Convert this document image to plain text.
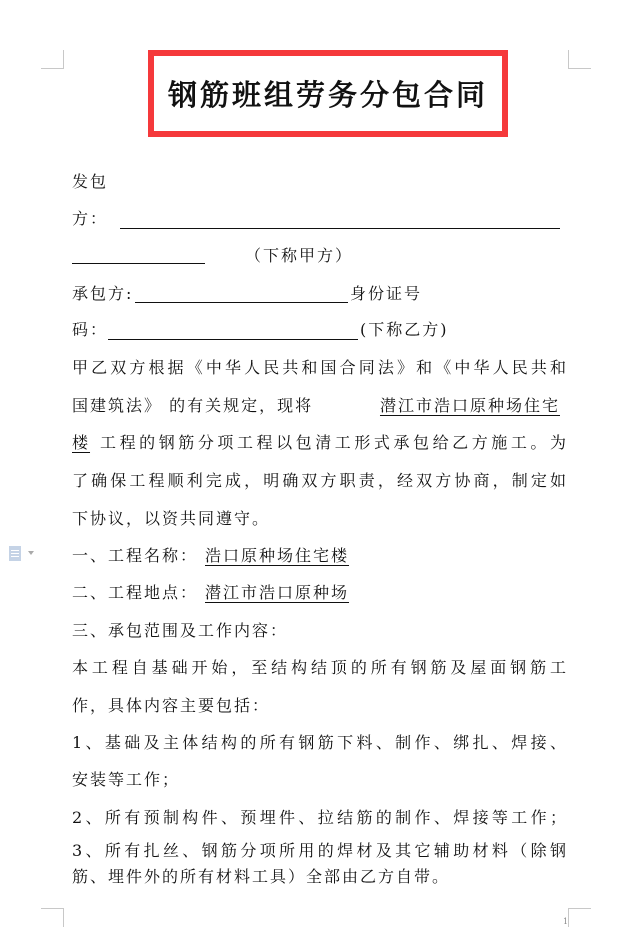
1
钢筋班组劳务分包合同
发包
方：
（下称甲方）
承包方:	身份证号
码：	(下称乙方)
甲乙双方根据《中华人民共和国合同法》和《中华人民共和
国建筑法》 的有关规定，现将	潜江市浩口原种场住宅
楼 工程的钢筋分项工程以包清工形式承包给乙方施工。为
了确保工程顺利完成，明确双方职责，经双方协商，制定如
下协议，以资共同遵守。
一、工程名称： 浩口原种场住宅楼
二、工程地点： 潜江市浩口原种场
三、承包范围及工作内容：
本工程自基础开始，至结构结顶的所有钢筋及屋面钢筋工
作，具体内容主要包括：
1、基础及主体结构的所有钢筋下料、制作、绑扎、焊接、
安装等工作；
2、所有预制构件、预埋件、拉结筋的制作、焊接等工作；
3、所有扎丝、钢筋分项所用的焊材及其它辅助材料（除钢
筋、埋件外的所有材料工具）全部由乙方自带。
